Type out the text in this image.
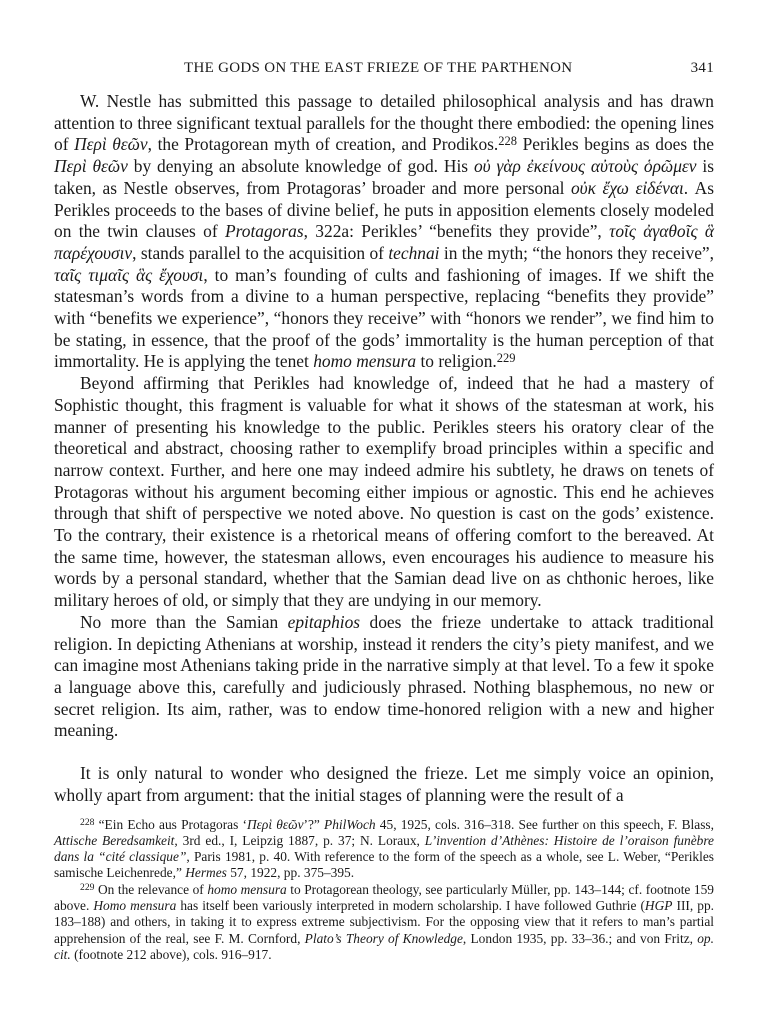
THE GODS ON THE EAST FRIEZE OF THE PARTHENON	341

W. Nestle has submitted this passage to detailed philosophical analysis and has drawn attention to three significant textual parallels for the thought there embodied: the opening lines of Περὶ θεῶν, the Protagorean myth of creation, and Prodikos.$^{228}$ Perikles begins as does the Περὶ θεῶν by denying an absolute knowledge of god. His οὐ γὰρ ἐκείνους αὐτοὺς ὁρῶμεν is taken, as Nestle observes, from Protagoras’ broader and more personal οὐκ ἔχω εἰδέναι. As Perikles proceeds to the bases of divine belief, he puts in apposition elements closely modeled on the twin clauses of Protagoras, 322a: Perikles’ “benefits they provide”, τοῖς ἀγαθοῖς ἃ παρέχουσιν, stands parallel to the acquisition of technai in the myth; “the honors they receive”, ταῖς τιμαῖς ἃς ἔχουσι, to man’s founding of cults and fashioning of images. If we shift the statesman’s words from a divine to a human perspective, replacing “benefits they provide” with “benefits we experience”, “honors they receive” with “honors we render”, we find him to be stating, in essence, that the proof of the gods’ immortality is the human perception of that immortality. He is applying the tenet homo mensura to religion.$^{229}$

Beyond affirming that Perikles had knowledge of, indeed that he had a mastery of Sophistic thought, this fragment is valuable for what it shows of the statesman at work, his manner of presenting his knowledge to the public. Perikles steers his oratory clear of the theoretical and abstract, choosing rather to exemplify broad principles within a specific and narrow context. Further, and here one may indeed admire his subtlety, he draws on tenets of Protagoras without his argument becoming either impious or agnostic. This end he achieves through that shift of perspective we noted above. No question is cast on the gods’ existence. To the contrary, their existence is a rhetorical means of offering comfort to the bereaved. At the same time, however, the statesman allows, even encourages his audience to measure his words by a personal standard, whether that the Samian dead live on as chthonic heroes, like military heroes of old, or simply that they are undying in our memory.

No more than the Samian epitaphios does the frieze undertake to attack traditional religion. In depicting Athenians at worship, instead it renders the city’s piety manifest, and we can imagine most Athenians taking pride in the narrative simply at that level. To a few it spoke a language above this, carefully and judiciously phrased. Nothing blasphemous, no new or secret religion. Its aim, rather, was to endow time-honored religion with a new and higher meaning.

It is only natural to wonder who designed the frieze. Let me simply voice an opinion, wholly apart from argument: that the initial stages of planning were the result of a

$^{228}$ “Ein Echo aus Protagoras ‘Περὶ θεῶν’?” PhilWoch 45, 1925, cols. 316–318. See further on this speech, F. Blass, Attische Beredsamkeit, 3rd ed., I, Leipzig 1887, p. 37; N. Loraux, L’invention d’Athènes: Histoire de l’oraison funèbre dans la “cité classique”, Paris 1981, p. 40. With reference to the form of the speech as a whole, see L. Weber, “Perikles samische Leichenrede,” Hermes 57, 1922, pp. 375–395.

$^{229}$ On the relevance of homo mensura to Protagorean theology, see particularly Müller, pp. 143–144; cf. footnote 159 above. Homo mensura has itself been variously interpreted in modern scholarship. I have followed Guthrie (HGP III, pp. 183–188) and others, in taking it to express extreme subjectivism. For the opposing view that it refers to man’s partial apprehension of the real, see F. M. Cornford, Plato’s Theory of Knowledge, London 1935, pp. 33–36.; and von Fritz, op. cit. (footnote 212 above), cols. 916–917.
